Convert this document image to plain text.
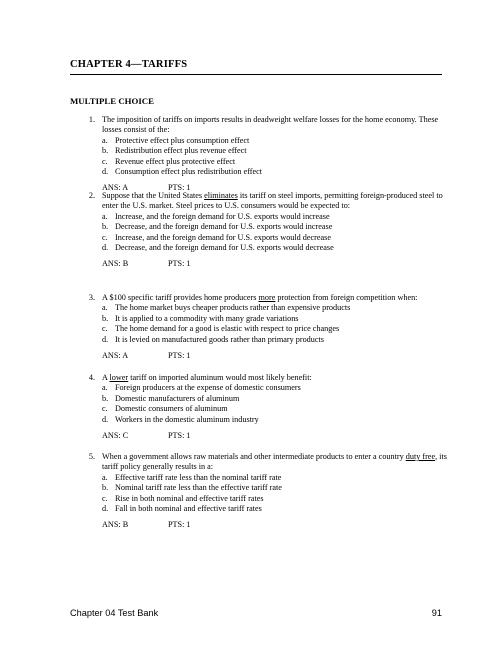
CHAPTER 4—TARIFFS
MULTIPLE CHOICE
1. The imposition of tariffs on imports results in deadweight welfare losses for the home economy. These losses consist of the:
a. Protective effect plus consumption effect
b. Redistribution effect plus revenue effect
c. Revenue effect plus protective effect
d. Consumption effect plus redistribution effect
ANS: A	PTS: 1
2. Suppose that the United States eliminates its tariff on steel imports, permitting foreign-produced steel to enter the U.S. market. Steel prices to U.S. consumers would be expected to:
a. Increase, and the foreign demand for U.S. exports would increase
b. Decrease, and the foreign demand for U.S. exports would increase
c. Increase, and the foreign demand for U.S. exports would decrease
d. Decrease, and the foreign demand for U.S. exports would decrease
ANS: B	PTS: 1
3. A $100 specific tariff provides home producers more protection from foreign competition when:
a. The home market buys cheaper products rather than expensive products
b. It is applied to a commodity with many grade variations
c. The home demand for a good is elastic with respect to price changes
d. It is levied on manufactured goods rather than primary products
ANS: A	PTS: 1
4. A lower tariff on imported aluminum would most likely benefit:
a. Foreign producers at the expense of domestic consumers
b. Domestic manufacturers of aluminum
c. Domestic consumers of aluminum
d. Workers in the domestic aluminum industry
ANS: C	PTS: 1
5. When a government allows raw materials and other intermediate products to enter a country duty free, its tariff policy generally results in a:
a. Effective tariff rate less than the nominal tariff rate
b. Nominal tariff rate less than the effective tariff rate
c. Rise in both nominal and effective tariff rates
d. Fall in both nominal and effective tariff rates
ANS: B	PTS: 1
Chapter 04 Test Bank	91
